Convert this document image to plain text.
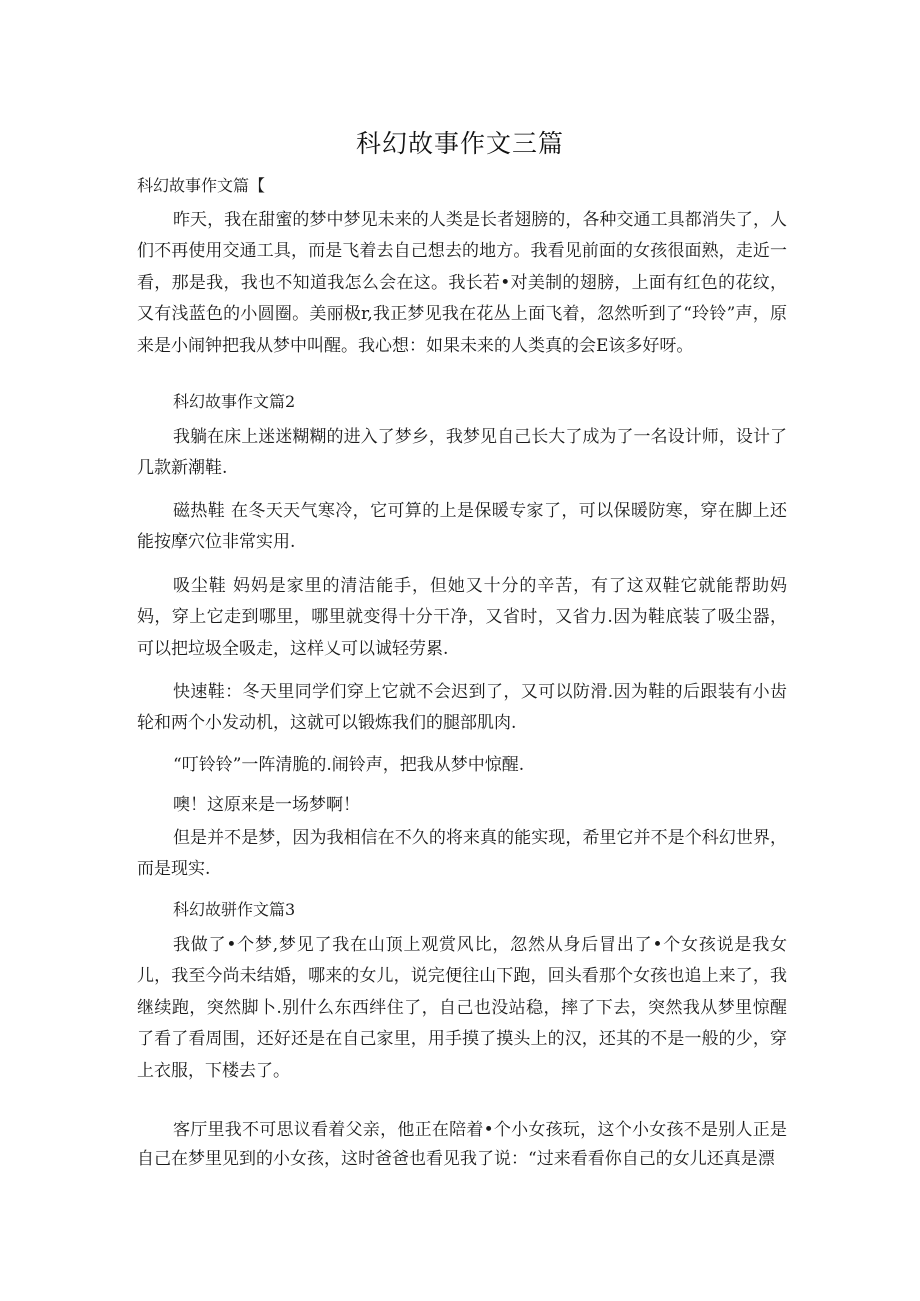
科幻故事作文三篇
科幻故事作文篇【
昨天，我在甜蜜的梦中梦见未来的人类是长者翅膀的，各种交通工具都消失了，人们不再使用交通工具，而是飞着去自己想去的地方。我看见前面的女孩很面熟，走近一看，那是我，我也不知道我怎么会在这。我长若•对美制的翅膀，上面有红色的花纹，又有浅蓝色的小圆圈。美丽极r,我正梦见我在花丛上面飞着，忽然听到了“玲铃”声，原来是小闹钟把我从梦中叫醒。我心想：如果未来的人类真的会E该多好呀。
科幻故事作文篇2
我躺在床上迷迷糊糊的进入了梦乡，我梦见自己长大了成为了一名设计师，设计了几款新潮鞋.
磁热鞋 在冬天天气寒冷，它可算的上是保暖专家了，可以保暖防寒，穿在脚上还能按摩穴位非常实用.
吸尘鞋 妈妈是家里的清洁能手，但她又十分的辛苦，有了这双鞋它就能帮助妈妈，穿上它走到哪里，哪里就变得十分干净，又省时，又省力.因为鞋底装了吸尘器，可以把垃圾全吸走，这样乂可以诚轻劳累.
快速鞋：冬天里同学们穿上它就不会迟到了，又可以防滑.因为鞋的后跟装有小齿轮和两个小发动机，这就可以锻炼我们的腿部肌肉.
“叮铃铃”一阵清脆的.闹铃声，把我从梦中惊醒.
噢！这原来是一场梦啊！
但是并不是梦，因为我相信在不久的将来真的能实现，希里它并不是个科幻世界，而是现实.
科幻故骈作文篇3
我做了•个梦,梦见了我在山顶上观赏风比，忽然从身后冒出了•个女孩说是我女儿，我至今尚未结婚，哪来的女儿，说完便往山下跑，回头看那个女孩也追上来了，我继续跑，突然脚卜.别什么东西绊住了，自己也没站稳，摔了下去，突然我从梦里惊醒了看了看周围，还好还是在自己家里，用手摸了摸头上的汉，还其的不是一般的少，穿上衣服，下楼去了。
客厅里我不可思议看着父亲，他正在陪着•个小女孩玩，这个小女孩不是别人正是自己在梦里见到的小女孩，这时爸爸也看见我了说：“过来看看你自己的女儿还真是漂
